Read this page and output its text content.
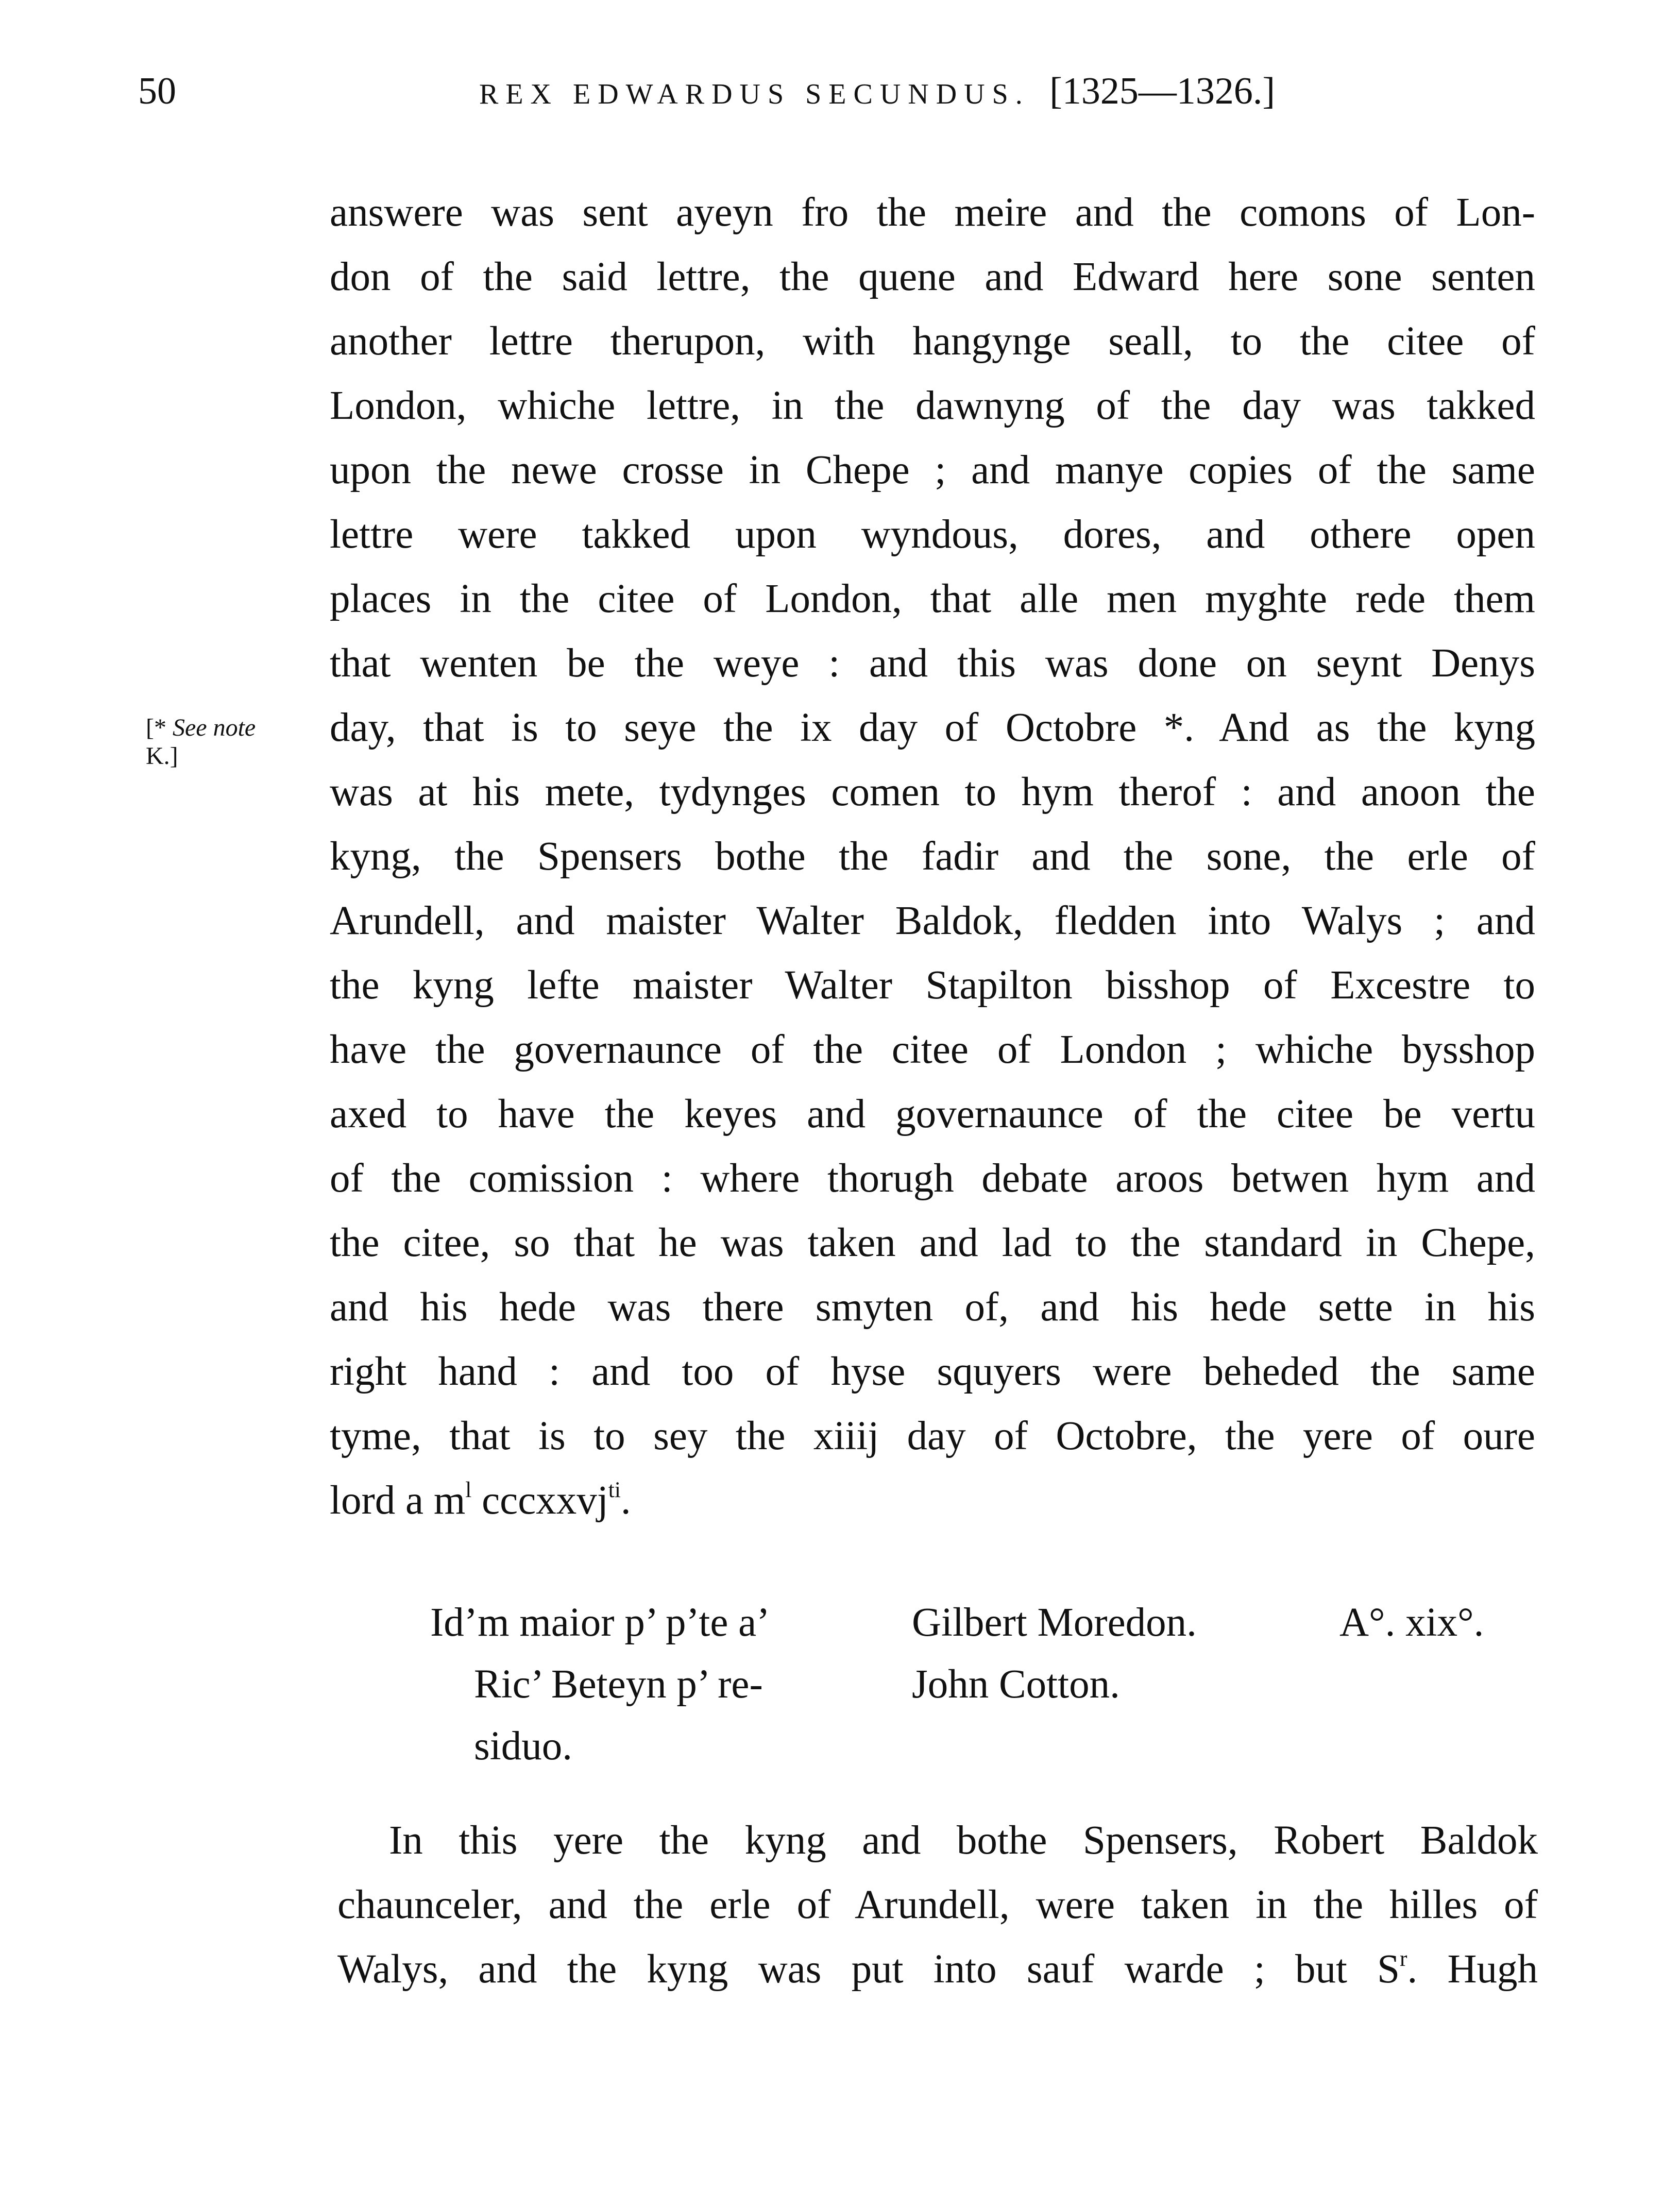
50	REX EDWARDUS SECUNDUS. [1325—1326.]
[* See note
K.]
answere was sent ayeyn fro the meire and the comons of Lon-
don of the said lettre, the quene and Edward here sone senten
another lettre therupon, with hangynge seall, to the citee of
London, whiche lettre, in the dawnyng of the day was takked
upon the newe crosse in Chepe ; and manye copies of the same
lettre were takked upon wyndous, dores, and othere open
places in the citee of London, that alle men myghte rede them
that wenten be the weye : and this was done on seynt Denys
day, that is to seye the ix day of Octobre *. And as the kyng
was at his mete, tydynges comen to hym therof : and anoon the
kyng, the Spensers bothe the fadir and the sone, the erle of
Arundell, and maister Walter Baldok, fledden into Walys ; and
the kyng lefte maister Walter Stapilton bisshop of Excestre to
have the governaunce of the citee of London ; whiche bysshop
axed to have the keyes and governaunce of the citee be vertu
of the comission : where thorugh debate aroos betwen hym and
the citee, so that he was taken and lad to the standard in Chepe,
and his hede was there smyten of, and his hede sette in his
right hand : and too of hyse squyers were beheded the same
tyme, that is to sey the xiiij day of Octobre, the yere of oure
lord a $m^l$ cccxxvj$^{ti}$.
Id’m maior p’ p’te a’
Ric’ Beteyn p’ re-
siduo.
Gilbert Moredon.
John Cotton.
A°. xix°.
In this yere the kyng and bothe Spensers, Robert Baldok
chaunceler, and the erle of Arundell, were taken in the hilles of
Walys, and the kyng was put into sauf warde ; but $S^r$. Hugh
